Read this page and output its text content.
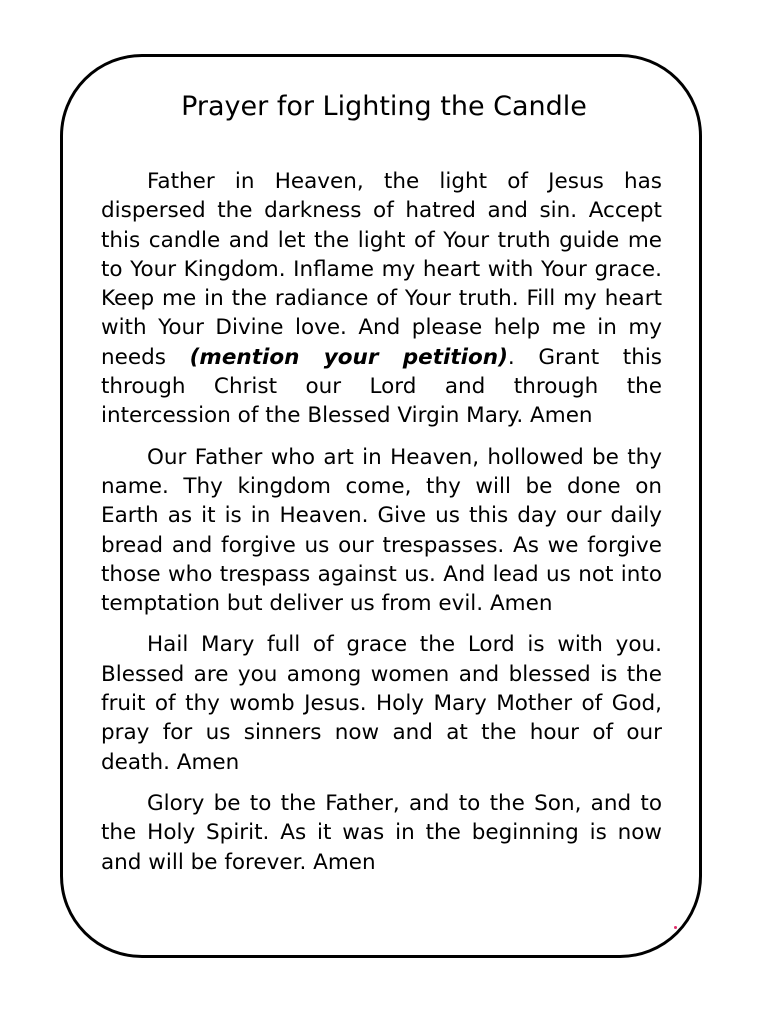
Prayer for Lighting the Candle

Father in Heaven, the light of Jesus has dispersed the darkness of hatred and sin. Accept this candle and let the light of Your truth guide me to Your Kingdom. Inflame my heart with Your grace. Keep me in the radiance of Your truth. Fill my heart with Your Divine love. And please help me in my needs (mention your petition). Grant this through Christ our Lord and through the intercession of the Blessed Virgin Mary. Amen

Our Father who art in Heaven, hollowed be thy name. Thy kingdom come, thy will be done on Earth as it is in Heaven. Give us this day our daily bread and forgive us our trespasses. As we forgive those who trespass against us. And lead us not into temptation but deliver us from evil. Amen

Hail Mary full of grace the Lord is with you. Blessed are you among women and blessed is the fruit of thy womb Jesus. Holy Mary Mother of God, pray for us sinners now and at the hour of our death. Amen

Glory be to the Father, and to the Son, and to the Holy Spirit. As it was in the beginning is now and will be forever. Amen
